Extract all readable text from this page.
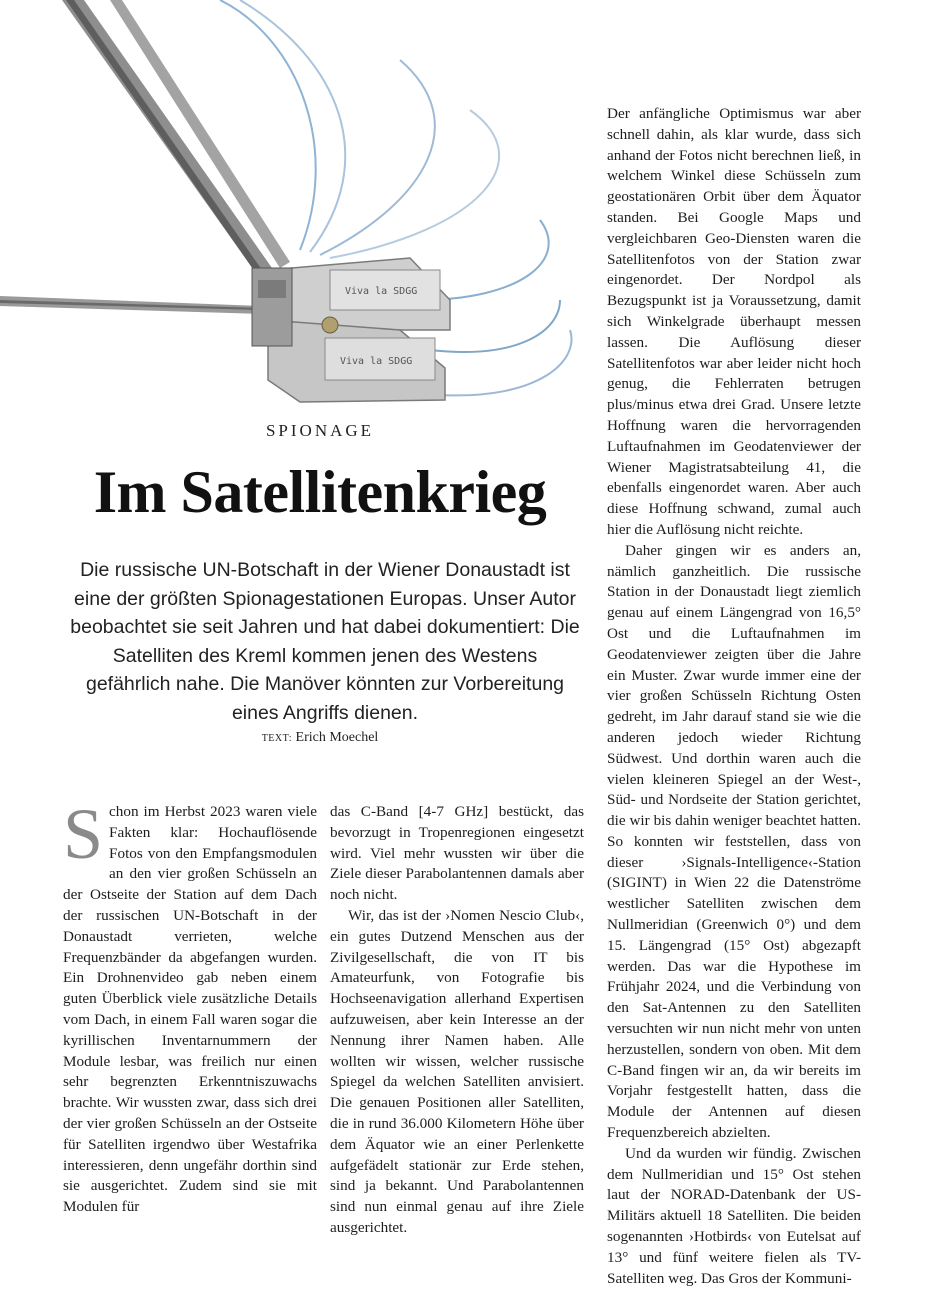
Viva la SDGG
Viva la SDGG
SPIONAGE
Im Satellitenkrieg
Die russische UN-Botschaft in der Wiener Donaustadt ist eine der größten Spionagestationen Europas. Unser Autor beobachtet sie seit Jahren und hat dabei dokumentiert: Die Satelliten des Kreml kommen jenen des Westens gefährlich nahe. Die Manöver könnten zur Vorbereitung eines Angriffs dienen.
TEXT: Erich Moechel

Schon im Herbst 2023 waren viele Fakten klar: Hochauflösende Fotos von den Empfangsmodulen an den vier großen Schüsseln an der Ostseite der Station auf dem Dach der russischen UN-Botschaft in der Donaustadt verrieten, welche Frequenzbänder da abgefangen wurden. Ein Drohnenvideo gab neben einem guten Überblick viele zusätzliche Details vom Dach, in einem Fall waren sogar die kyrillischen Inventarnummern der Module lesbar, was freilich nur einen sehr begrenzten Erkenntniszuwachs brachte. Wir wussten zwar, dass sich drei der vier großen Schüsseln an der Ostseite für Satelliten irgendwo über Westafrika interessieren, denn ungefähr dorthin sind sie ausgerichtet. Zudem sind sie mit Modulen für

das C-Band [4-7 GHz] bestückt, das bevorzugt in Tropenregionen eingesetzt wird. Viel mehr wussten wir über die Ziele dieser Parabolantennen damals aber noch nicht.

Wir, das ist der ›Nomen Nescio Club‹, ein gutes Dutzend Menschen aus der Zivilgesellschaft, die von IT bis Amateurfunk, von Fotografie bis Hochseenavigation allerhand Expertisen aufzuweisen, aber kein Interesse an der Nennung ihrer Namen haben. Alle wollten wir wissen, welcher russische Spiegel da welchen Satelliten anvisiert. Die genauen Positionen aller Satelliten, die in rund 36.000 Kilometern Höhe über dem Äquator wie an einer Perlenkette aufgefädelt stationär zur Erde stehen, sind ja bekannt. Und Parabolantennen sind nun einmal genau auf ihre Ziele ausgerichtet.

Der anfängliche Optimismus war aber schnell dahin, als klar wurde, dass sich anhand der Fotos nicht berechnen ließ, in welchem Winkel diese Schüsseln zum geostationären Orbit über dem Äquator standen. Bei Google Maps und vergleichbaren Geo-Diensten waren die Satellitenfotos von der Station zwar eingenordet. Der Nordpol als Bezugspunkt ist ja Voraussetzung, damit sich Winkelgrade überhaupt messen lassen. Die Auflösung dieser Satellitenfotos war aber leider nicht hoch genug, die Fehlerraten betrugen plus/minus etwa drei Grad. Unsere letzte Hoffnung waren die hervorragenden Luftaufnahmen im Geodatenviewer der Wiener Magistratsabteilung 41, die ebenfalls eingenordet waren. Aber auch diese Hoffnung schwand, zumal auch hier die Auflösung nicht reichte.

Daher gingen wir es anders an, nämlich ganzheitlich. Die russische Station in der Donaustadt liegt ziemlich genau auf einem Längengrad von 16,5° Ost und die Luftaufnahmen im Geodatenviewer zeigten über die Jahre ein Muster. Zwar wurde immer eine der vier großen Schüsseln Richtung Osten gedreht, im Jahr darauf stand sie wie die anderen jedoch wieder Richtung Südwest. Und dorthin waren auch die vielen kleineren Spiegel an der West-, Süd- und Nordseite der Station gerichtet, die wir bis dahin weniger beachtet hatten. So konnten wir feststellen, dass von dieser ›Signals-Intelligence‹-Station (SIGINT) in Wien 22 die Datenströme westlicher Satelliten zwischen dem Nullmeridian (Greenwich 0°) und dem 15. Längengrad (15° Ost) abgezapft werden. Das war die Hypothese im Frühjahr 2024, und die Verbindung von den Sat-Antennen zu den Satelliten versuchten wir nun nicht mehr von unten herzustellen, sondern von oben. Mit dem C-Band fingen wir an, da wir bereits im Vorjahr festgestellt hatten, dass die Module der Antennen auf diesen Frequenzbereich abzielten.

Und da wurden wir fündig. Zwischen dem Nullmeridian und 15° Ost stehen laut der NORAD-Datenbank der US-Militärs aktuell 18 Satelliten. Die beiden sogenannten ›Hotbirds‹ von Eutelsat auf 13° und fünf weitere fielen als TV-Satelliten weg. Das Gros der Kommuni-
